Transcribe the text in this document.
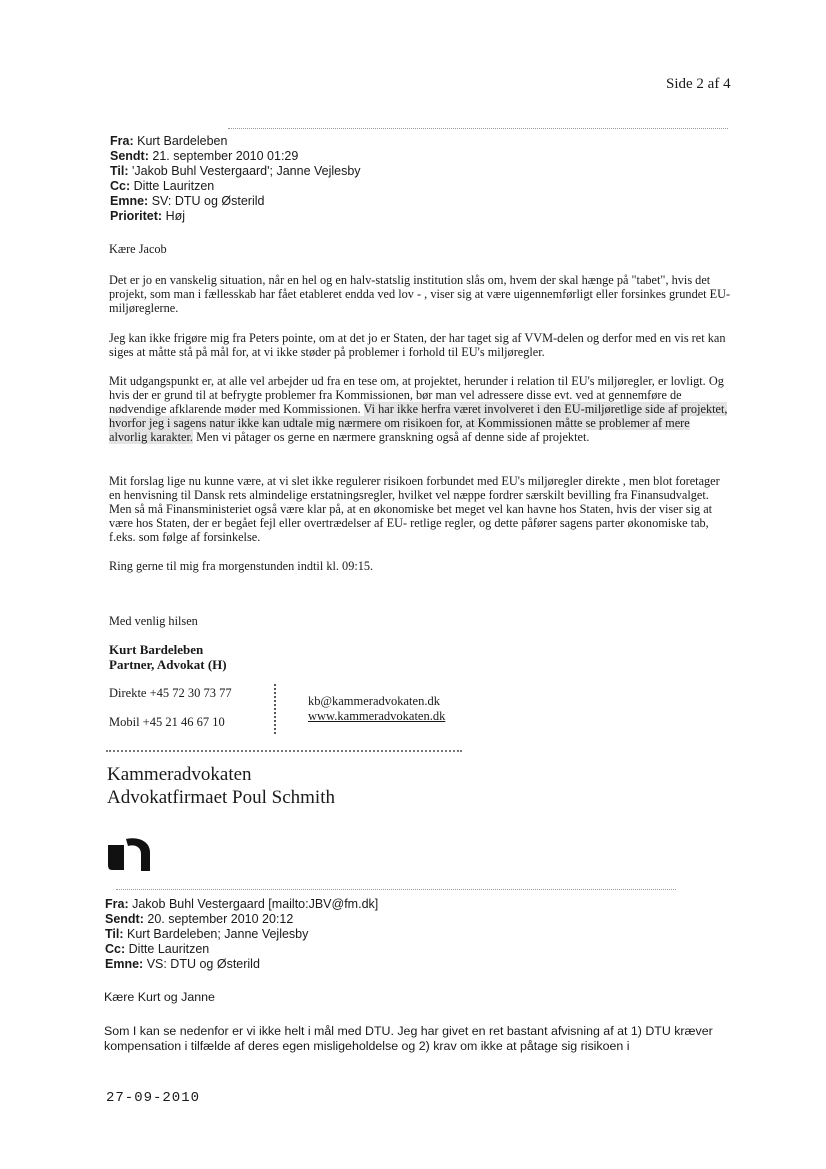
Side 2 af 4
Fra: Kurt Bardeleben
Sendt: 21. september 2010 01:29
Til: 'Jakob Buhl Vestergaard'; Janne Vejlesby
Cc: Ditte Lauritzen
Emne: SV: DTU og Østerild
Prioritet: Høj

Kære Jacob

Det er jo en vanskelig situation, når en hel og en halv-statslig institution slås om, hvem der skal hænge på "tabet", hvis det projekt, som man i fællesskab har fået etableret endda ved lov - , viser sig at være uigennemførligt eller forsinkes grundet EU- miljøreglerne.

Jeg kan ikke frigøre mig fra Peters pointe, om at det jo er Staten, der har taget sig af VVM-delen og derfor med en vis ret kan siges at måtte stå på mål for, at vi ikke støder på problemer i forhold til EU's miljøregler.

Mit udgangspunkt er, at alle vel arbejder ud fra en tese om, at projektet, herunder i relation til EU's miljøregler, er lovligt. Og hvis der er grund til at befrygte problemer fra Kommissionen, bør man vel adressere disse evt. ved at gennemføre de nødvendige afklarende møder med Kommissionen. Vi har ikke herfra været involveret i den EU-miljøretlige side af projektet, hvorfor jeg i sagens natur ikke kan udtale mig nærmere om risikoen for, at Kommissionen måtte se problemer af mere alvorlig karakter. Men vi påtager os gerne en nærmere granskning også af denne side af projektet.

Mit forslag lige nu kunne være, at vi slet ikke regulerer risikoen forbundet med EU's miljøregler direkte , men blot foretager en henvisning til Dansk rets almindelige erstatningsregler, hvilket vel næppe fordrer særskilt bevilling fra Finansudvalget. Men så må Finansministeriet også være klar på, at en økonomiske bet meget vel kan havne hos Staten, hvis der viser sig at være hos Staten, der er begået fejl eller overtrædelser af EU- retlige regler, og dette påfører sagens parter økonomiske tab, f.eks. som følge af forsinkelse.

Ring gerne til mig fra morgenstunden indtil kl. 09:15.

Med venlig hilsen

Kurt Bardeleben
Partner, Advokat (H)
Direkte +45 72 30 73 77
Mobil +45 21 46 67 10
kb@kammeradvokaten.dk
www.kammeradvokaten.dk
Kammeradvokaten
Advokatfirmaet Poul Schmith
Fra: Jakob Buhl Vestergaard [mailto:JBV@fm.dk]
Sendt: 20. september 2010 20:12
Til: Kurt Bardeleben; Janne Vejlesby
Cc: Ditte Lauritzen
Emne: VS: DTU og Østerild

Kære Kurt og Janne

Som I kan se nedenfor er vi ikke helt i mål med DTU. Jeg har givet en ret bastant afvisning af at 1) DTU kræver kompensation i tilfælde af deres egen misligeholdelse og 2) krav om ikke at påtage sig risikoen i

27-09-2010
